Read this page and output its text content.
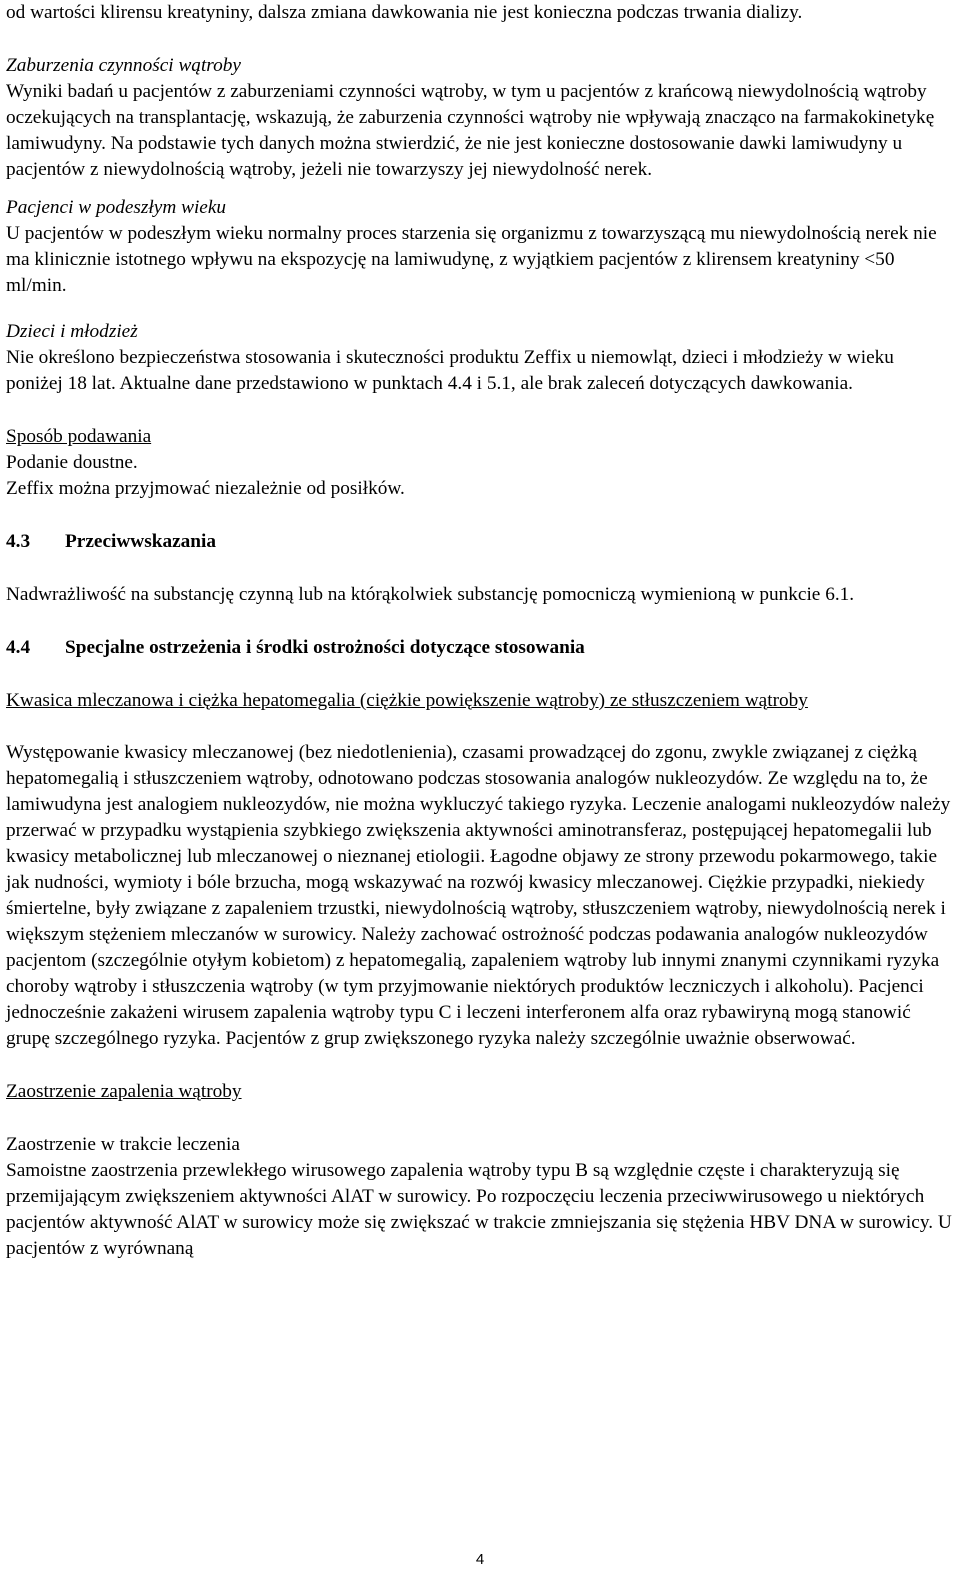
od wartości klirensu kreatyniny, dalsza zmiana dawkowania nie jest konieczna podczas trwania dializy.

Zaburzenia czynności wątroby

Wyniki badań u pacjentów z zaburzeniami czynności wątroby, w tym u pacjentów z krańcową niewydolnością wątroby oczekujących na transplantację, wskazują, że zaburzenia czynności wątroby nie wpływają znacząco na farmakokinetykę lamiwudyny. Na podstawie tych danych można stwierdzić, że nie jest konieczne dostosowanie dawki lamiwudyny u pacjentów z niewydolnością wątroby, jeżeli nie towarzyszy jej niewydolność nerek.

Pacjenci w podeszłym wieku

U pacjentów w podeszłym wieku normalny proces starzenia się organizmu z towarzyszącą mu niewydolnością nerek nie ma klinicznie istotnego wpływu na ekspozycję na lamiwudynę, z wyjątkiem pacjentów z klirensem kreatyniny <50 ml/min.

Dzieci i młodzież

Nie określono bezpieczeństwa stosowania i skuteczności produktu Zeffix u niemowląt, dzieci i młodzieży w wieku poniżej 18 lat. Aktualne dane przedstawiono w punktach 4.4 i 5.1, ale brak zaleceń dotyczących dawkowania.

Sposób podawania

Podanie doustne.

Zeffix można przyjmować niezależnie od posiłków.

4.3	Przeciwwskazania

Nadwrażliwość na substancję czynną lub na którąkolwiek substancję pomocniczą wymienioną w punkcie 6.1.

4.4	Specjalne ostrzeżenia i środki ostrożności dotyczące stosowania

Kwasica mleczanowa i ciężka hepatomegalia (ciężkie powiększenie wątroby) ze stłuszczeniem wątroby

Występowanie kwasicy mleczanowej (bez niedotlenienia), czasami prowadzącej do zgonu, zwykle związanej z ciężką hepatomegalią i stłuszczeniem wątroby, odnotowano podczas stosowania analogów nukleozydów. Ze względu na to, że lamiwudyna jest analogiem nukleozydów, nie można wykluczyć takiego ryzyka. Leczenie analogami nukleozydów należy przerwać w przypadku wystąpienia szybkiego zwiększenia aktywności aminotransferaz, postępującej hepatomegalii lub kwasicy metabolicznej lub mleczanowej o nieznanej etiologii. Łagodne objawy ze strony przewodu pokarmowego, takie jak nudności, wymioty i bóle brzucha, mogą wskazywać na rozwój kwasicy mleczanowej. Ciężkie przypadki, niekiedy śmiertelne, były związane z zapaleniem trzustki, niewydolnością wątroby, stłuszczeniem wątroby, niewydolnością nerek i większym stężeniem mleczanów w surowicy. Należy zachować ostrożność podczas podawania analogów nukleozydów pacjentom (szczególnie otyłym kobietom) z hepatomegalią, zapaleniem wątroby lub innymi znanymi czynnikami ryzyka choroby wątroby i stłuszczenia wątroby (w tym przyjmowanie niektórych produktów leczniczych i alkoholu). Pacjenci jednocześnie zakażeni wirusem zapalenia wątroby typu C i leczeni interferonem alfa oraz rybawiryną mogą stanowić grupę szczególnego ryzyka. Pacjentów z grup zwiększonego ryzyka należy szczególnie uważnie obserwować.

Zaostrzenie zapalenia wątroby

Zaostrzenie w trakcie leczenia

Samoistne zaostrzenia przewlekłego wirusowego zapalenia wątroby typu B są względnie częste i charakteryzują się przemijającym zwiększeniem aktywności AlAT w surowicy. Po rozpoczęciu leczenia przeciwwirusowego u niektórych pacjentów aktywność AlAT w surowicy może się zwiększać w trakcie zmniejszania się stężenia HBV DNA w surowicy. U pacjentów z wyrównaną

4
